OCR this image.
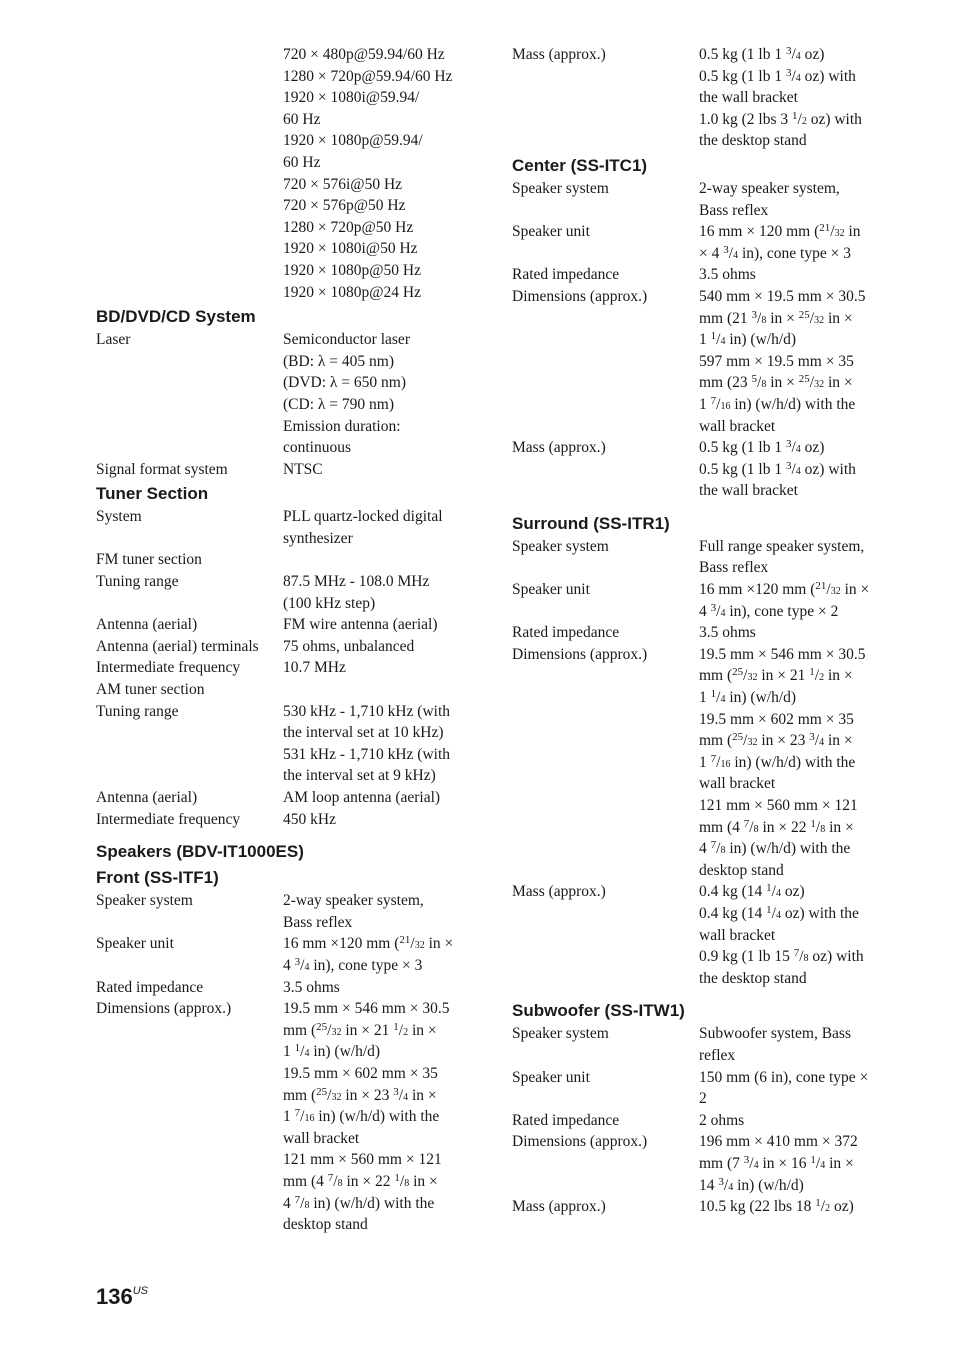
720 × 480p@59.94/60 Hz
1280 × 720p@59.94/60 Hz
1920 × 1080i@59.94/
60 Hz
1920 × 1080p@59.94/
60 Hz
720 × 576i@50 Hz
720 × 576p@50 Hz
1280 × 720p@50 Hz
1920 × 1080i@50 Hz
1920 × 1080p@50 Hz
1920 × 1080p@24 Hz
BD/DVD/CD System
Laser	Semiconductor laser
(BD: λ = 405 nm)
(DVD: λ = 650 nm)
(CD: λ = 790 nm)
Emission duration:
continuous
Signal format system	NTSC
Tuner Section
System	PLL quartz-locked digital
synthesizer
FM tuner section
Tuning range	87.5 MHz - 108.0 MHz
(100 kHz step)
Antenna (aerial)	FM wire antenna (aerial)
Antenna (aerial) terminals	75 ohms, unbalanced
Intermediate frequency	10.7 MHz
AM tuner section
Tuning range	530 kHz - 1,710 kHz (with
the interval set at 10 kHz)
531 kHz - 1,710 kHz (with
the interval set at 9 kHz)
Antenna (aerial)	AM loop antenna (aerial)
Intermediate frequency	450 kHz
Speakers (BDV-IT1000ES)
Front (SS-ITF1)
Speaker system	2-way speaker system,
Bass reflex
Speaker unit	16 mm ×120 mm ($^{21}$/32 in ×
4 $^3$/4 in), cone type × 3
Rated impedance	3.5 ohms
Dimensions (approx.)	19.5 mm × 546 mm × 30.5
mm ($^{25}$/32 in × 21 $^1$/2 in ×
1 $^1$/4 in) (w/h/d)
19.5 mm × 602 mm × 35
mm ($^{25}$/32 in × 23 $^3$/4 in ×
1 $^7$/16 in) (w/h/d) with the
wall bracket
121 mm × 560 mm × 121
mm (4 $^7$/8 in × 22 $^1$/8 in ×
4 $^7$/8 in) (w/h/d) with the
desktop stand
Mass (approx.)	0.5 kg (1 lb 1 $^3$/4 oz)
0.5 kg (1 lb 1 $^3$/4 oz) with
the wall bracket
1.0 kg (2 lbs 3 $^1$/2 oz) with
the desktop stand
Center (SS-ITC1)
Speaker system	2-way speaker system,
Bass reflex
Speaker unit	16 mm × 120 mm ($^{21}$/32 in
× 4 $^3$/4 in), cone type × 3
Rated impedance	3.5 ohms
Dimensions (approx.)	540 mm × 19.5 mm × 30.5
mm (21 $^3$/8 in × $^{25}$/32 in ×
1 $^1$/4 in) (w/h/d)
597 mm × 19.5 mm × 35
mm (23 $^5$/8 in × $^{25}$/32 in ×
1 $^7$/16 in) (w/h/d) with the
wall bracket
Mass (approx.)	0.5 kg (1 lb 1 $^3$/4 oz)
0.5 kg (1 lb 1 $^3$/4 oz) with
the wall bracket
Surround (SS-ITR1)
Speaker system	Full range speaker system,
Bass reflex
Speaker unit	16 mm ×120 mm ($^{21}$/32 in ×
4 $^3$/4 in), cone type × 2
Rated impedance	3.5 ohms
Dimensions (approx.)	19.5 mm × 546 mm × 30.5
mm ($^{25}$/32 in × 21 $^1$/2 in ×
1 $^1$/4 in) (w/h/d)
19.5 mm × 602 mm × 35
mm ($^{25}$/32 in × 23 $^3$/4 in ×
1 $^7$/16 in) (w/h/d) with the
wall bracket
121 mm × 560 mm × 121
mm (4 $^7$/8 in × 22 $^1$/8 in ×
4 $^7$/8 in) (w/h/d) with the
desktop stand
Mass (approx.)	0.4 kg (14 $^1$/4 oz)
0.4 kg (14 $^1$/4 oz) with the
wall bracket
0.9 kg (1 lb 15 $^7$/8 oz) with
the desktop stand
Subwoofer (SS-ITW1)
Speaker system	Subwoofer system, Bass
reflex
Speaker unit	150 mm (6 in), cone type ×
2
Rated impedance	2 ohms
Dimensions (approx.)	196 mm × 410 mm × 372
mm (7 $^3$/4 in × 16 $^1$/4 in ×
14 $^3$/4 in) (w/h/d)
Mass (approx.)	10.5 kg (22 lbs 18 $^1$/2 oz)
$136^{US}$
